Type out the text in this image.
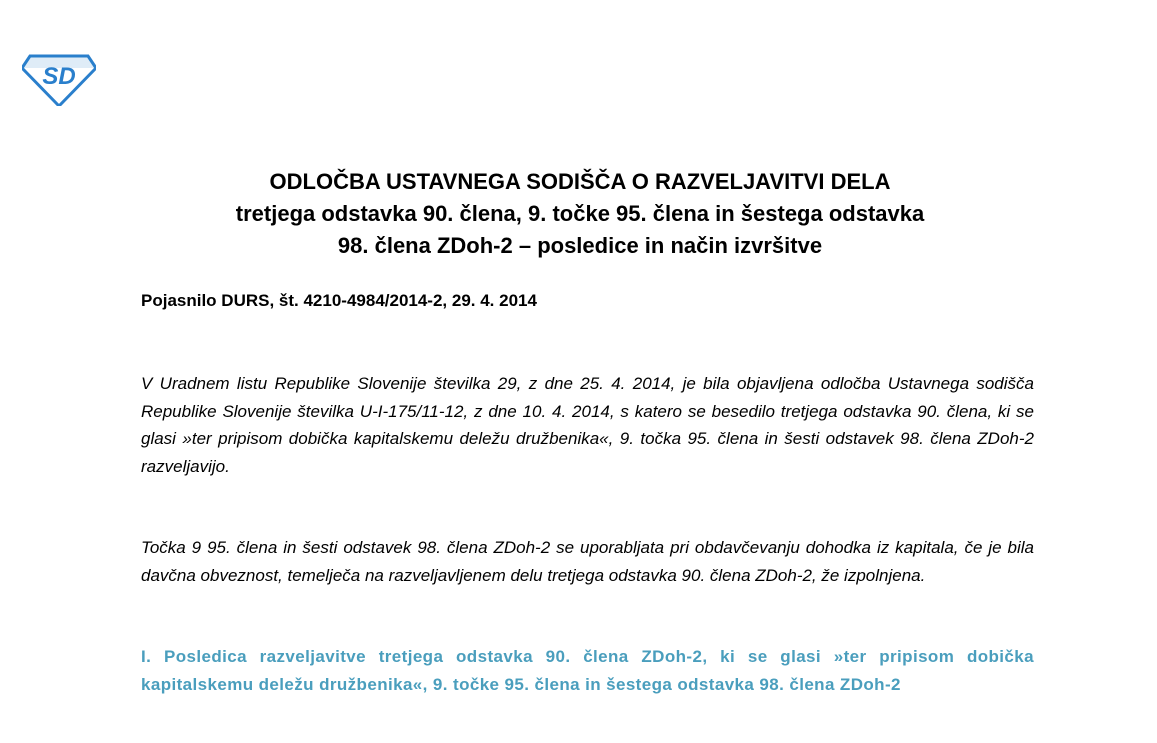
SD
ODLOČBA USTAVNEGA SODIŠČA O RAZVELJAVITVI DELA
tretjega odstavka 90. člena, 9. točke 95. člena in šestega odstavka
98. člena ZDoh-2 – posledice in način izvršitve
Pojasnilo DURS, št. 4210-4984/2014-2, 29. 4. 2014
V Uradnem listu Republike Slovenije številka 29, z dne 25. 4. 2014, je bila objavljena odločba Ustavnega sodišča Republike Slovenije številka U-I-175/11-12, z dne 10. 4. 2014, s katero se besedilo tretjega odstavka 90. člena, ki se glasi »ter pripisom dobička kapitalskemu deležu družbenika«, 9. točka 95. člena in šesti odstavek 98. člena ZDoh-2 razveljavijo.
Točka 9 95. člena in šesti odstavek 98. člena ZDoh-2 se uporabljata pri obdavčevanju dohodka iz kapitala, če je bila davčna obveznost, temelječa na razveljavljenem delu tretjega odstavka 90. člena ZDoh-2, že izpolnjena.
I. Posledica razveljavitve tretjega odstavka 90. člena ZDoh-2, ki se glasi »ter pripisom dobička kapitalskemu deležu družbenika«, 9. točke 95. člena in šestega odstavka 98. člena ZDoh-2
